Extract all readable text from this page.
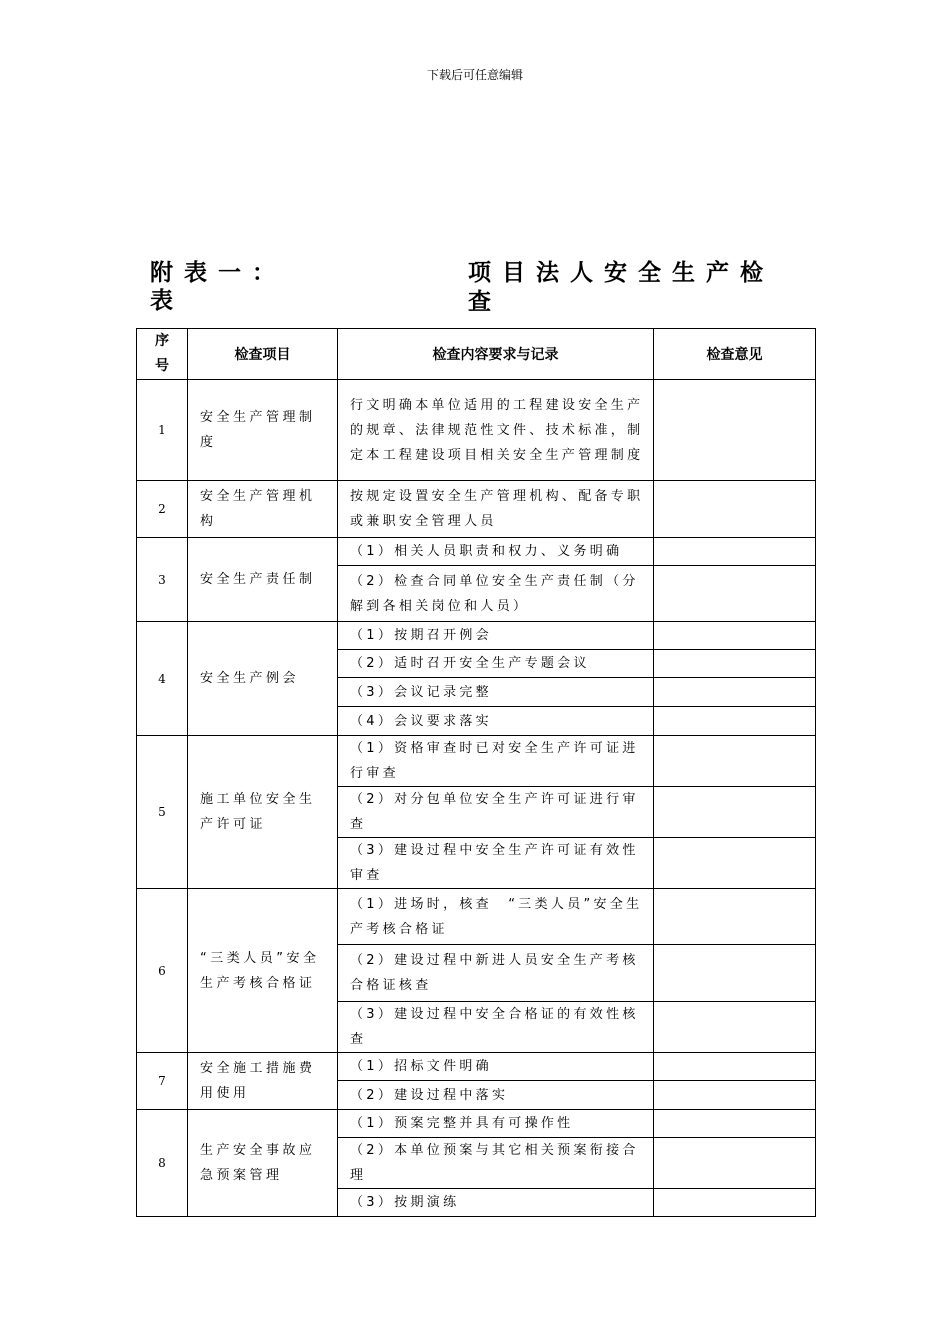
下载后可任意编辑
附表一：	项目法人安全生产检查
表
序号	检查项目	检查内容要求与记录	检查意见
1	安全生产管理制度	行文明确本单位适用的工程建设安全生产的规章、法律规范性文件、技术标准，制定本工程建设项目相关安全生产管理制度	
2	安全生产管理机构	按规定设置安全生产管理机构、配备专职或兼职安全管理人员	
3	安全生产责任制	（1）相关人员职责和权力、义务明确	
		（2）检查合同单位安全生产责任制（分解到各相关岗位和人员）	
4	安全生产例会	（1）按期召开例会	
		（2）适时召开安全生产专题会议	
		（3）会议记录完整	
		（4）会议要求落实	
5	施工单位安全生产许可证	（1）资格审查时已对安全生产许可证进行审查	
		（2）对分包单位安全生产许可证进行审查	
		（3）建设过程中安全生产许可证有效性审查	
6	“三类人员”安全生产考核合格证	（1）进场时，核查　“三类人员”安全生产考核合格证	
		（2）建设过程中新进人员安全生产考核合格证核查	
		（3）建设过程中安全合格证的有效性核查	
7	安全施工措施费用使用	（1）招标文件明确	
		（2）建设过程中落实	
8	生产安全事故应急预案管理	（1）预案完整并具有可操作性	
		（2）本单位预案与其它相关预案衔接合理	
		（3）按期演练	
